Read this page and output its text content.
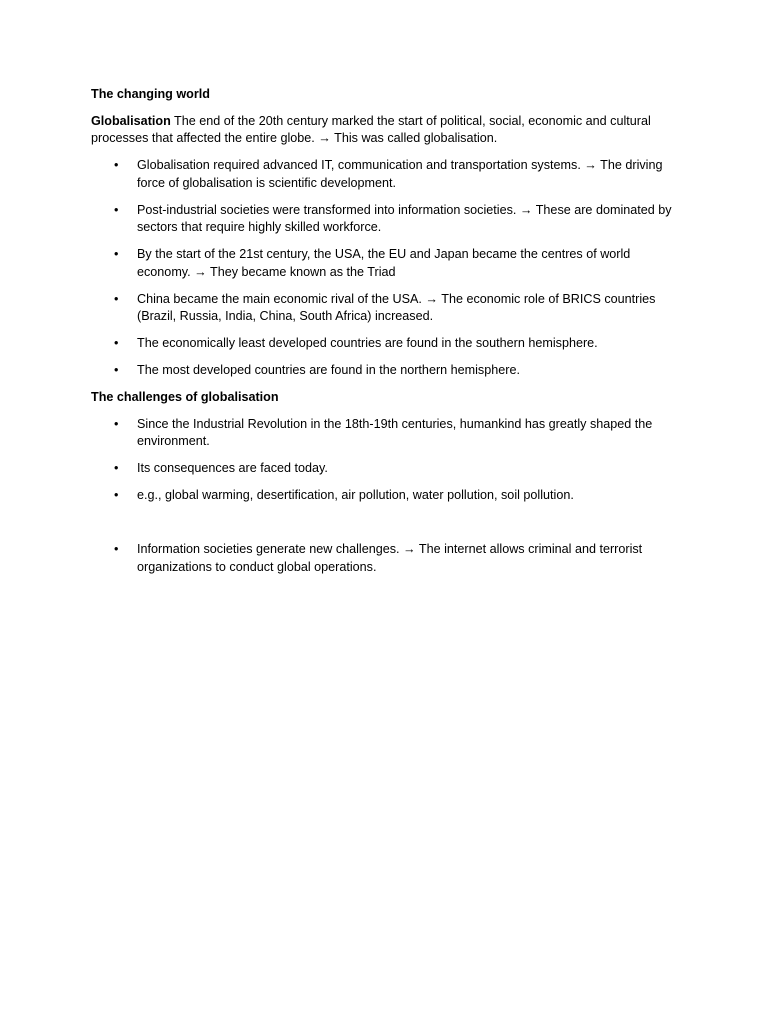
The changing world
Globalisation The end of the 20th century marked the start of political, social, economic and cultural processes that affected the entire globe. → This was called globalisation.
• Globalisation required advanced IT, communication and transportation systems. → The driving force of globalisation is scientific development.
• Post-industrial societies were transformed into information societies. → These are dominated by sectors that require highly skilled workforce.
• By the start of the 21st century, the USA, the EU and Japan became the centres of world economy. → They became known as the Triad
• China became the main economic rival of the USA. → The economic role of BRICS countries (Brazil, Russia, India, China, South Africa) increased.
• The economically least developed countries are found in the southern hemisphere.
• The most developed countries are found in the northern hemisphere.
The challenges of globalisation
• Since the Industrial Revolution in the 18th-19th centuries, humankind has greatly shaped the environment.
• Its consequences are faced today.
• e.g., global warming, desertification, air pollution, water pollution, soil pollution.
• Information societies generate new challenges. → The internet allows criminal and terrorist organizations to conduct global operations.
